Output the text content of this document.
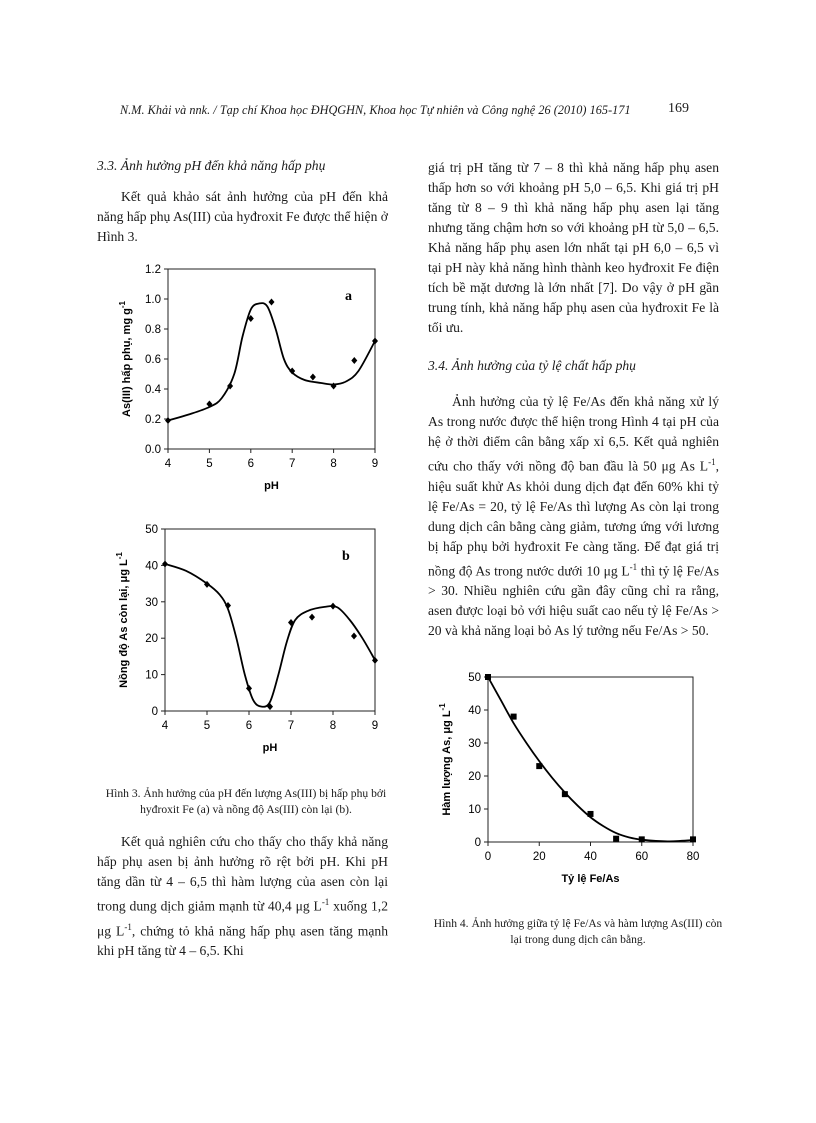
N.M. Khải và nnk. / Tạp chí Khoa học ĐHQGHN, Khoa học Tự nhiên và Công nghệ 26 (2010) 165-171	169
3.3. Ảnh hưởng pH đến khả năng hấp phụ
Kết quả khảo sát ảnh hưởng của pH đến khả năng hấp phụ As(III) của hyđroxit Fe được thể hiện ở Hình 3.
0.0
0.2
0.4
0.6
0.8
1.0
1.2
4	5	6	7	8	9
pH
As(III) hấp phụ, mg $g^{-1}$
a
0
10
20
30
40
50
4	5	6	7	8	9
pH
Nồng độ As còn lại, μg $L^{-1}$	b
Hình 3. Ảnh hưởng của pH đến lượng As(III) bị hấp phụ bởi hyđroxit Fe (a) và nồng độ As(III) còn lại (b).
Kết quả nghiên cứu cho thấy cho thấy khả năng hấp phụ asen bị ảnh hưởng rõ rệt bởi pH. Khi pH tăng dần từ 4 – 6,5 thì hàm lượng của asen còn lại trong dung dịch giảm mạnh từ 40,4 μg $L^{-1}$ xuống 1,2 μg $L^{-1}$, chứng tỏ khả năng hấp phụ asen tăng mạnh khi pH tăng từ 4 – 6,5. Khi
giá trị pH tăng từ 7 – 8 thì khả năng hấp phụ asen thấp hơn so với khoảng pH 5,0 – 6,5. Khi giá trị pH tăng từ 8 – 9 thì khả năng hấp phụ asen lại tăng nhưng tăng chậm hơn so với khoảng pH từ 5,0 – 6,5. Khả năng hấp phụ asen lớn nhất tại pH 6,0 – 6,5 vì tại pH này khả năng hình thành keo hyđroxit Fe điện tích bề mặt dương là lớn nhất [7]. Do vậy ở pH gần trung tính, khả năng hấp phụ asen của hyđroxit Fe là tối ưu.
3.4. Ảnh hưởng của tỷ lệ chất hấp phụ
Ảnh hưởng của tỷ lệ Fe/As đến khả năng xử lý As trong nước được thể hiện trong Hình 4 tại pH của hệ ở thời điểm cân bằng xấp xỉ 6,5. Kết quả nghiên cứu cho thấy với nồng độ ban đầu là 50 μg As $L^{-1}$, hiệu suất khử As khỏi dung dịch đạt đến 60% khi tỷ lệ Fe/As = 20, tỷ lệ Fe/As thì lượng As còn lại trong dung dịch cân bằng càng giảm, tương ứng với lương bị hấp phụ bởi hyđroxit Fe càng tăng. Để đạt giá trị nồng độ As trong nước dưới 10 μg $L^{-1}$ thì tỷ lệ Fe/As > 30. Nhiều nghiên cứu gần đây cũng chỉ ra rằng, asen được loại bỏ với hiệu suất cao nếu tỷ lệ Fe/As > 20 và khả năng loại bỏ As lý tưởng nếu Fe/As > 50.
0
10
20
30
40
50
0	20	40	60	80
Tỷ lệ Fe/As
Hàm lượng As, μg $L^{-1}$
Hình 4. Ảnh hưởng giữa tỷ lệ Fe/As và hàm lượng As(III) còn lại trong dung dịch cân bằng.
